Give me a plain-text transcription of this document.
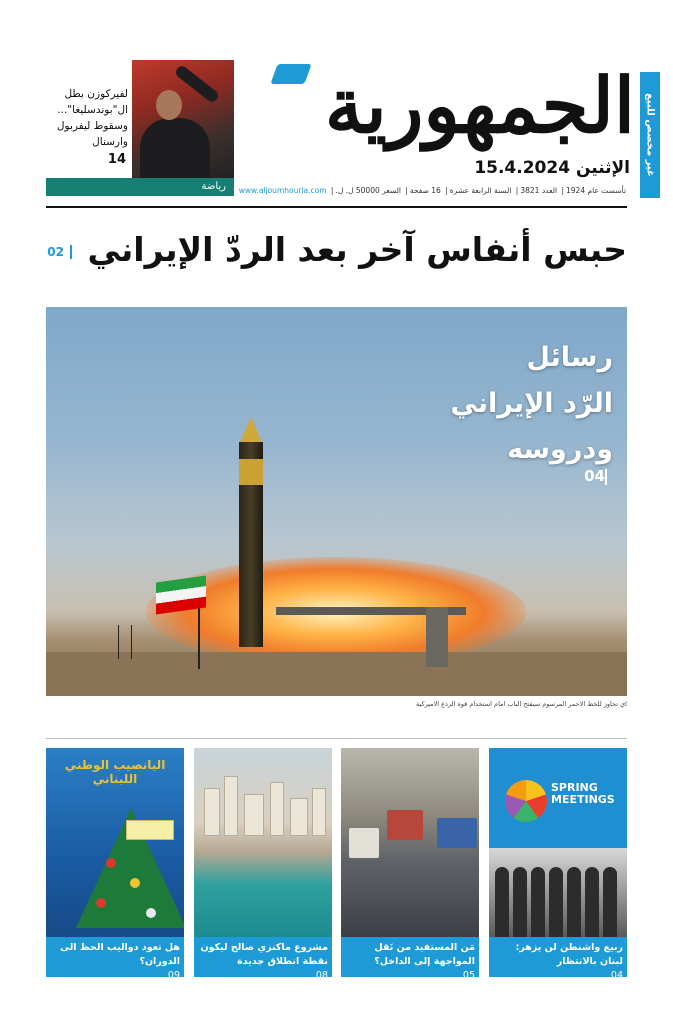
غير مخصص للبيع
الجمهورية
الإثنين 15.4.2024
تأسست عام 1924| العدد 3821| السنة الرابعة عشرة| 16 صفحة| السعر 50000 ل. ل.| www.aljoumhouria.com
لفيركوزن بطل ال"بوندسليغا"... وسقوط ليفربول وارسنال
14
رياضة
حبس أنفاس آخر بعد الردّ الإيراني 02
رسائل
الرّد الإيراني
ودروسه
04
اي تجاوز للخط الاحمر المرسوم سيفتح الباب امام استخدام قوة الردع الاميركية
SPRING MEETINGS
ربيع واشنطن لن يزهر: لبنان بالانتظار
04
مَن المستفيد من نَقل المواجهة إلى الداخل؟
05
مشروع ماكنزي صالح ليكون نقطة انطلاق جديدة
08
اليانصيب الوطني اللبناني
هل تعود دواليب الحظ الى الدوران؟
09
